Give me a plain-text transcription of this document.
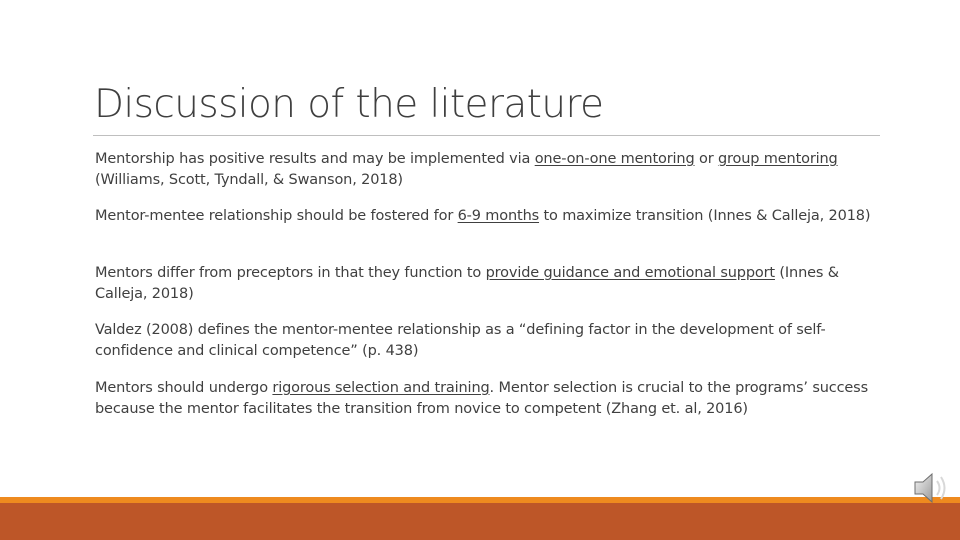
Discussion of the literature

Mentorship has positive results and may be implemented via one-on-one mentoring or group mentoring (Williams, Scott, Tyndall, & Swanson, 2018)

Mentor-mentee relationship should be fostered for 6-9 months to maximize transition (Innes & Calleja, 2018)

Mentors differ from preceptors in that they function to provide guidance and emotional support (Innes & Calleja, 2018)

Valdez (2008) defines the mentor-mentee relationship as a “defining factor in the development of self-confidence and clinical competence” (p. 438)

Mentors should undergo rigorous selection and training. Mentor selection is crucial to the programs’ success because the mentor facilitates the transition from novice to competent (Zhang et. al, 2016)
